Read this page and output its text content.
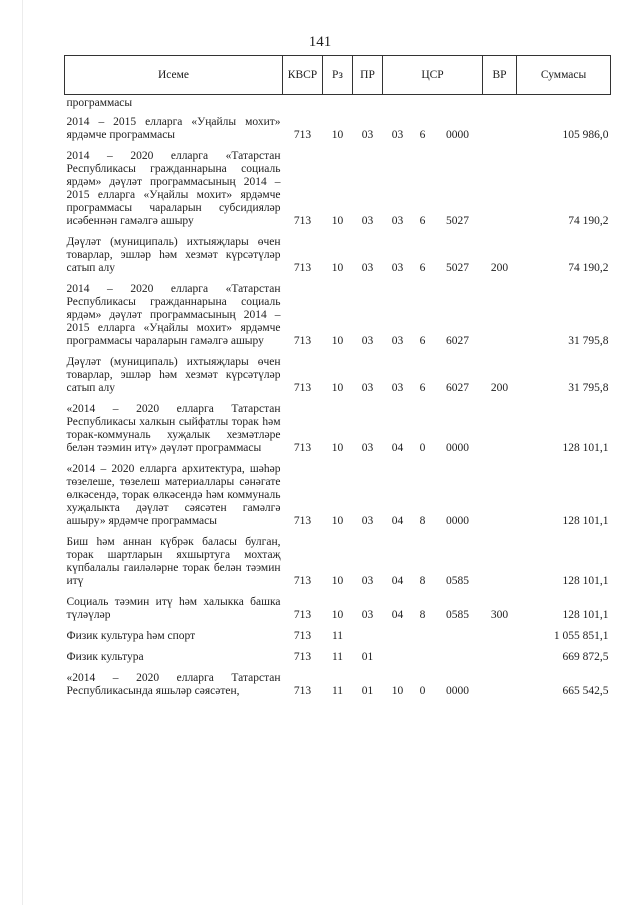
141
Исеме	КВСР	Рз	ПР	ЦСР			ВР	Суммасы
программасы								
2014 – 2015 елларга «Уңайлы мохит» ярдәмче программасы	713	10	03	03	6	0000		105 986,0
2014 – 2020 елларга «Татарстан Республикасы гражданнарына социаль ярдәм» дәүләт программасының 2014 – 2015 елларга «Уңайлы мохит» ярдәмче программасы чараларын субсидияләр исәбеннән гамәлгә ашыру	713	10	03	03	6	5027		74 190,2
Дәүләт (муниципаль) ихтыяҗлары өчен товарлар, эшләр һәм хезмәт күрсәтүләр сатып алу	713	10	03	03	6	5027	200	74 190,2
2014 – 2020 елларга «Татарстан Республикасы гражданнарына социаль ярдәм» дәүләт программасының 2014 – 2015 елларга «Уңайлы мохит» ярдәмче программасы чараларын гамәлгә ашыру	713	10	03	03	6	6027		31 795,8
Дәүләт (муниципаль) ихтыяҗлары өчен товарлар, эшләр һәм хезмәт күрсәтүләр сатып алу	713	10	03	03	6	6027	200	31 795,8
«2014 – 2020 елларга Татарстан Республикасы халкын сыйфатлы торак һәм торак-коммуналь хуҗалык хезмәтләре белән тәэмин итү» дәүләт программасы	713	10	03	04	0	0000		128 101,1
«2014 – 2020 елларга архитектура, шәһәр төзелеше, төзелеш материаллары сәнәгате өлкәсендә, торак өлкәсендә һәм коммуналь хуҗалыкта дәүләт сәясәтен гамәлгә ашыру» ярдәмче программасы	713	10	03	04	8	0000		128 101,1
Биш һәм аннан күбрәк баласы булган, торак шартларын яхшыртуга мохтаҗ күпбалалы гаиләләрне торак белән тәэмин итү	713	10	03	04	8	0585		128 101,1
Социаль тәэмин итү һәм халыкка башка түләүләр	713	10	03	04	8	0585	300	128 101,1
Физик культура һәм спорт	713	11						1 055 851,1
Физик культура	713	11	01					669 872,5
«2014 – 2020 елларга Татарстан Республикасында яшьләр сәясәтен,	713	11	01	10	0	0000		665 542,5
